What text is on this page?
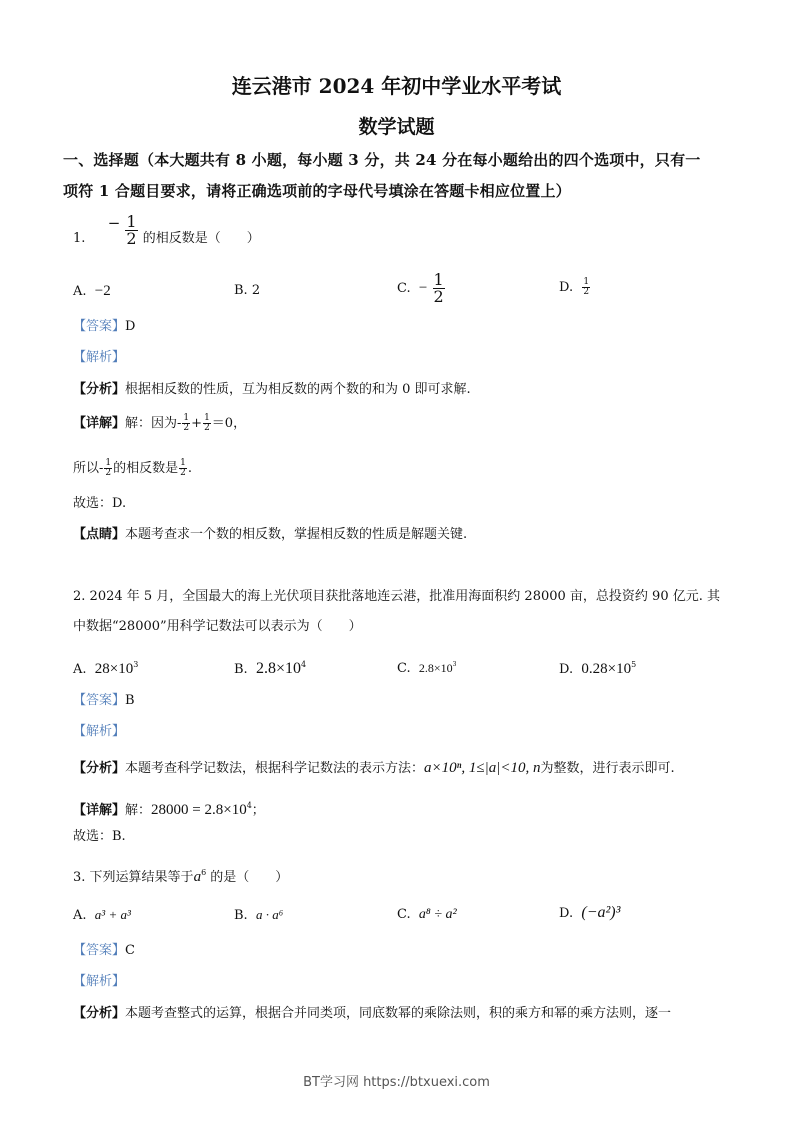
连云港市 2024 年初中学业水平考试
数学试题
一、选择题（本大题共有 8 小题，每小题 3 分，共 24 分在每小题给出的四个选项中，只有一
项符 1 合题目要求，请将正确选项前的字母代号填涂在答题卡相应位置上）
1.  − $\frac{1}{2}$ 的相反数是（　　）
A. −2	B. 2	C. − $\frac{1}{2}$	D. $\frac{1}{2}$
【答案】D
【解析】
【分析】根据相反数的性质，互为相反数的两个数的和为 0 即可求解.
【详解】解：因为- $\frac{1}{2} + \frac{1}{2} =0$，
所以- $\frac{1}{2}$ 的相反数是 $\frac{1}{2}$ .
故选：D.
【点睛】本题考查求一个数的相反数，掌握相反数的性质是解题关键.
2. 2024 年 5 月，全国最大的海上光伏项目获批落地连云港，批准用海面积约 28000 亩，总投资约 90 亿元. 其
中数据“28000”用科学记数法可以表示为（　　）
A. $28\times 10^3$	B. $2.8\times 10^4$	C. $2.8\times 10^3$	D. $0.28\times 10^5$
【答案】B
【解析】
【分析】本题考查科学记数法，根据科学记数法的表示方法：a×10ⁿ, 1≤|a|<10, n为整数，进行表示即可.
【详解】解：$28000 = 2.8\times 10^4$；
故选：B.
3. 下列运算结果等于$a^6$ 的是（　　）
A. a³ + a³	B. a · a⁶	C. a⁸ ÷ a²	D. (−a²)³
【答案】C
【解析】
【分析】本题考查整式的运算，根据合并同类项，同底数幂的乘除法则，积的乘方和幂的乘方法则，逐一
BT学习网 https://btxuexi.com
